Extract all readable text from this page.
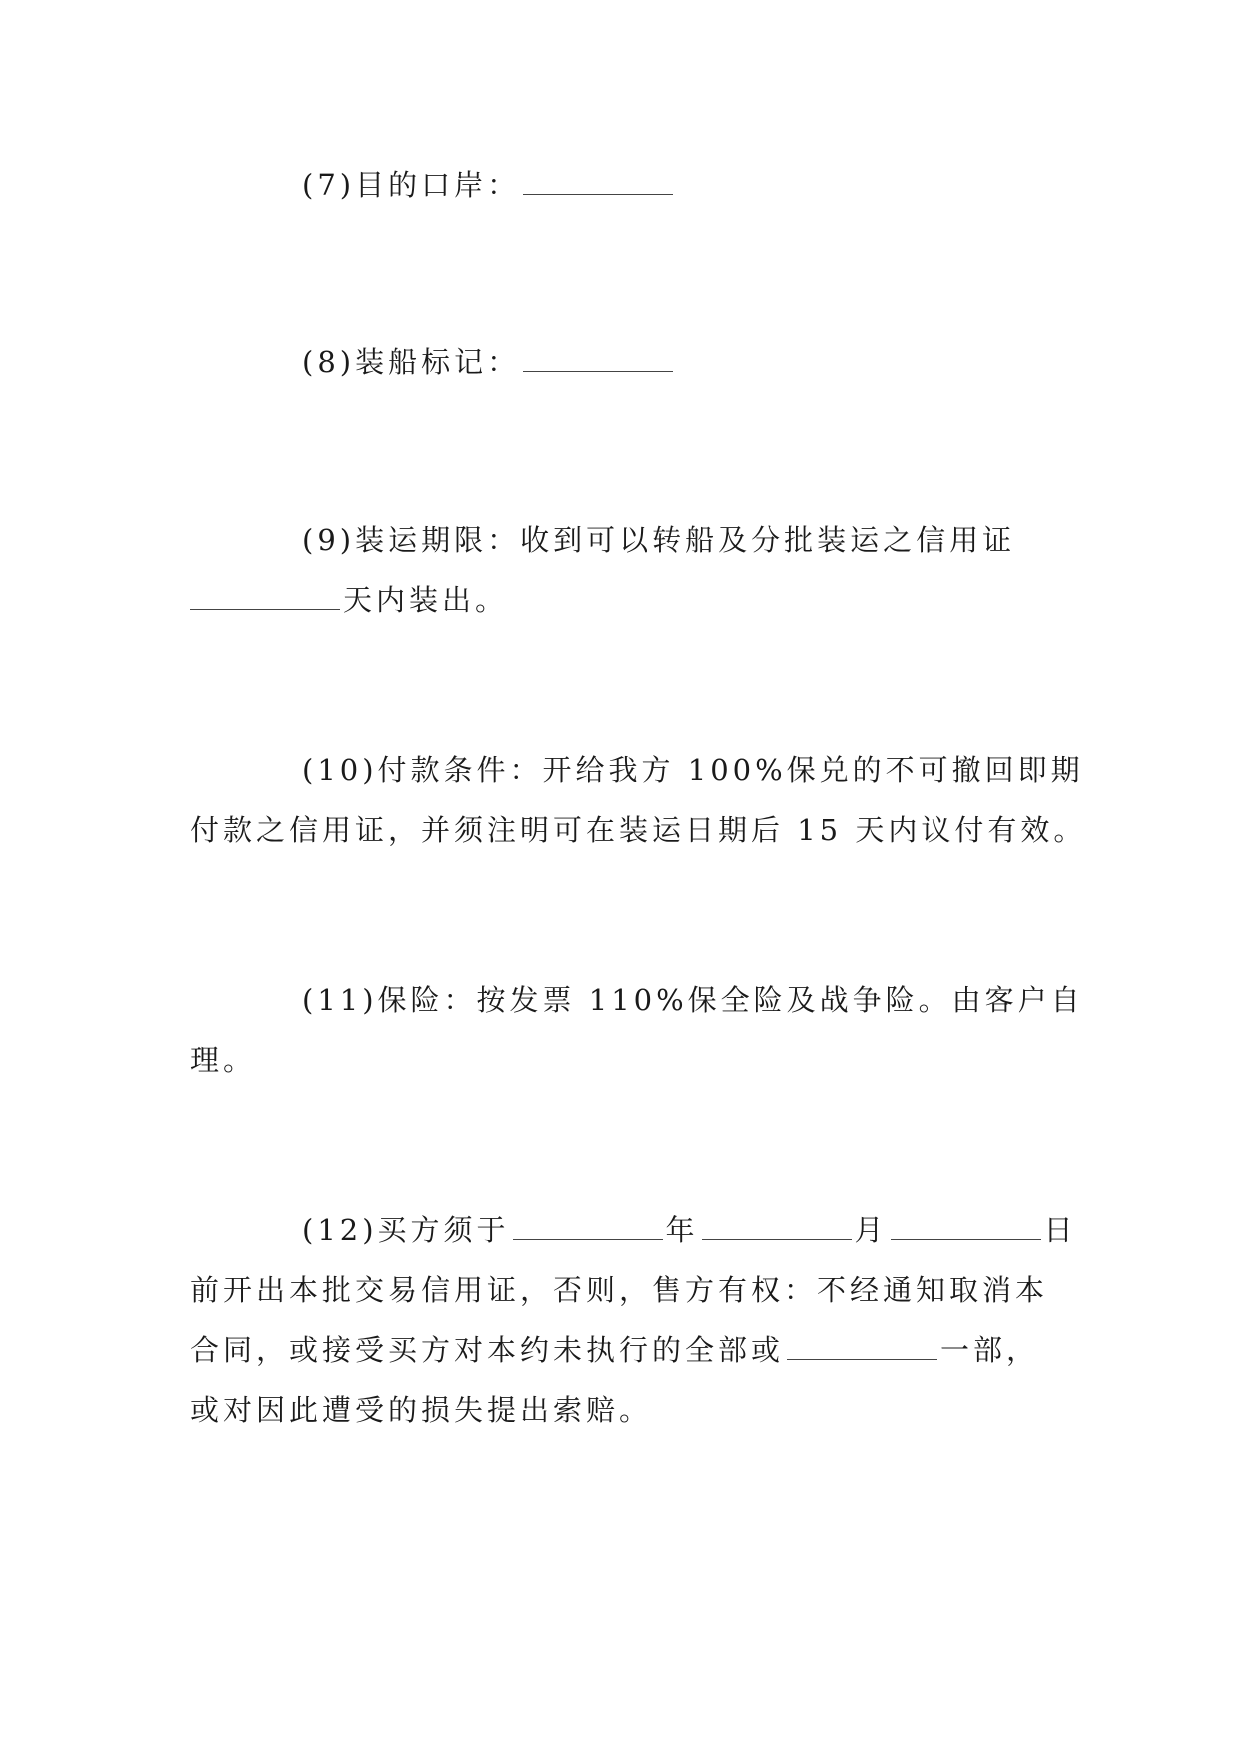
(7)目的口岸：
(8)装船标记：
(9)装运期限：收到可以转船及分批装运之信用证
天内装出。
(10)付款条件：开给我方 100%保兑的不可撤回即期
付款之信用证，并须注明可在装运日期后 15 天内议付有效。
(11)保险：按发票 110%保全险及战争险。由客户自
理。
(12)买方须于	年	月	日
前开出本批交易信用证，否则，售方有权：不经通知取消本
合同，或接受买方对本约未执行的全部或	一部，
或对因此遭受的损失提出索赔。
